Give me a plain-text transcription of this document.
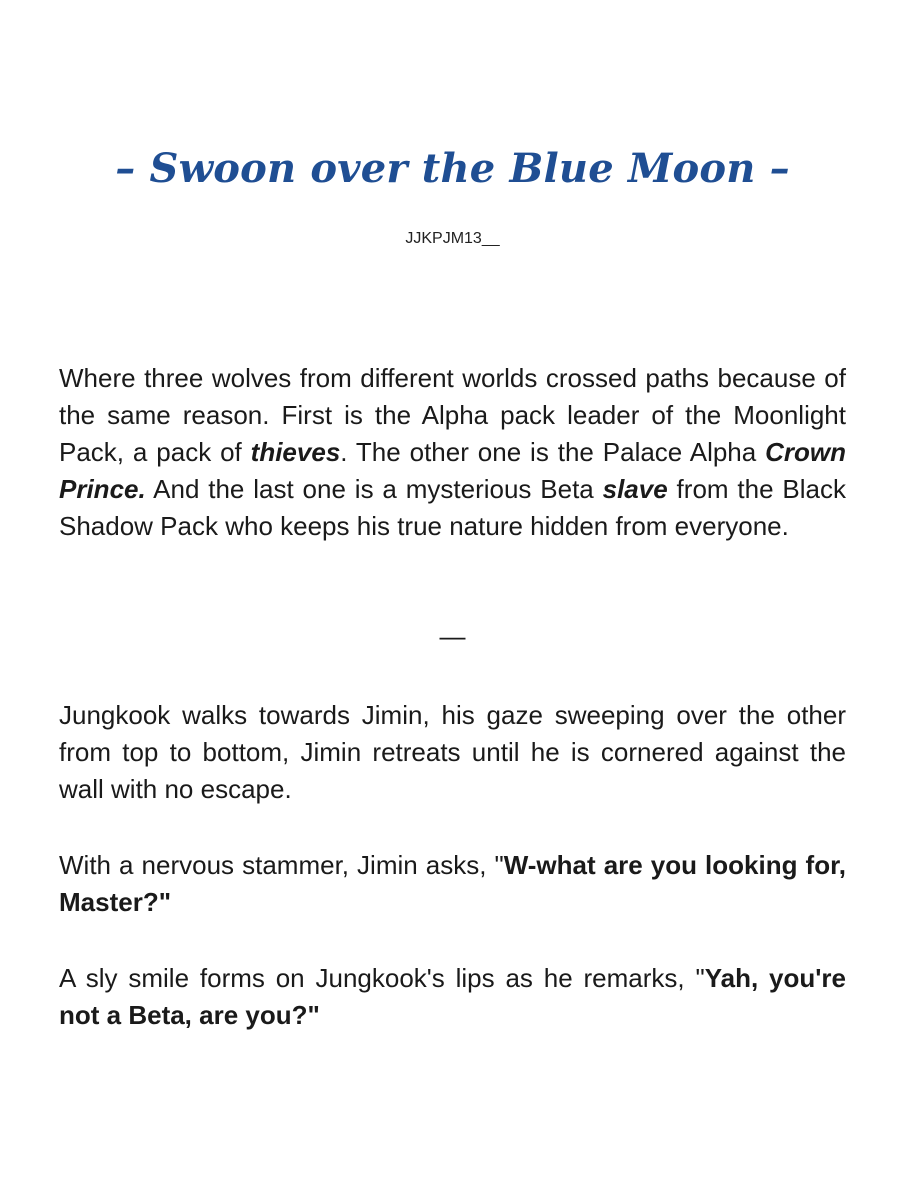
– Swoon over the Blue Moon –
JJKPJM13__

Where three wolves from different worlds crossed paths because of the same reason. First is the Alpha pack leader of the Moonlight Pack, a pack of thieves. The other one is the Palace Alpha Crown Prince. And the last one is a mysterious Beta slave from the Black Shadow Pack who keeps his true nature hidden from everyone.

—

Jungkook walks towards Jimin, his gaze sweeping over the other from top to bottom, Jimin retreats until he is cornered against the wall with no escape.

With a nervous stammer, Jimin asks, "W-what are you looking for, Master?"

A sly smile forms on Jungkook's lips as he remarks, "Yah, you're not a Beta, are you?"
